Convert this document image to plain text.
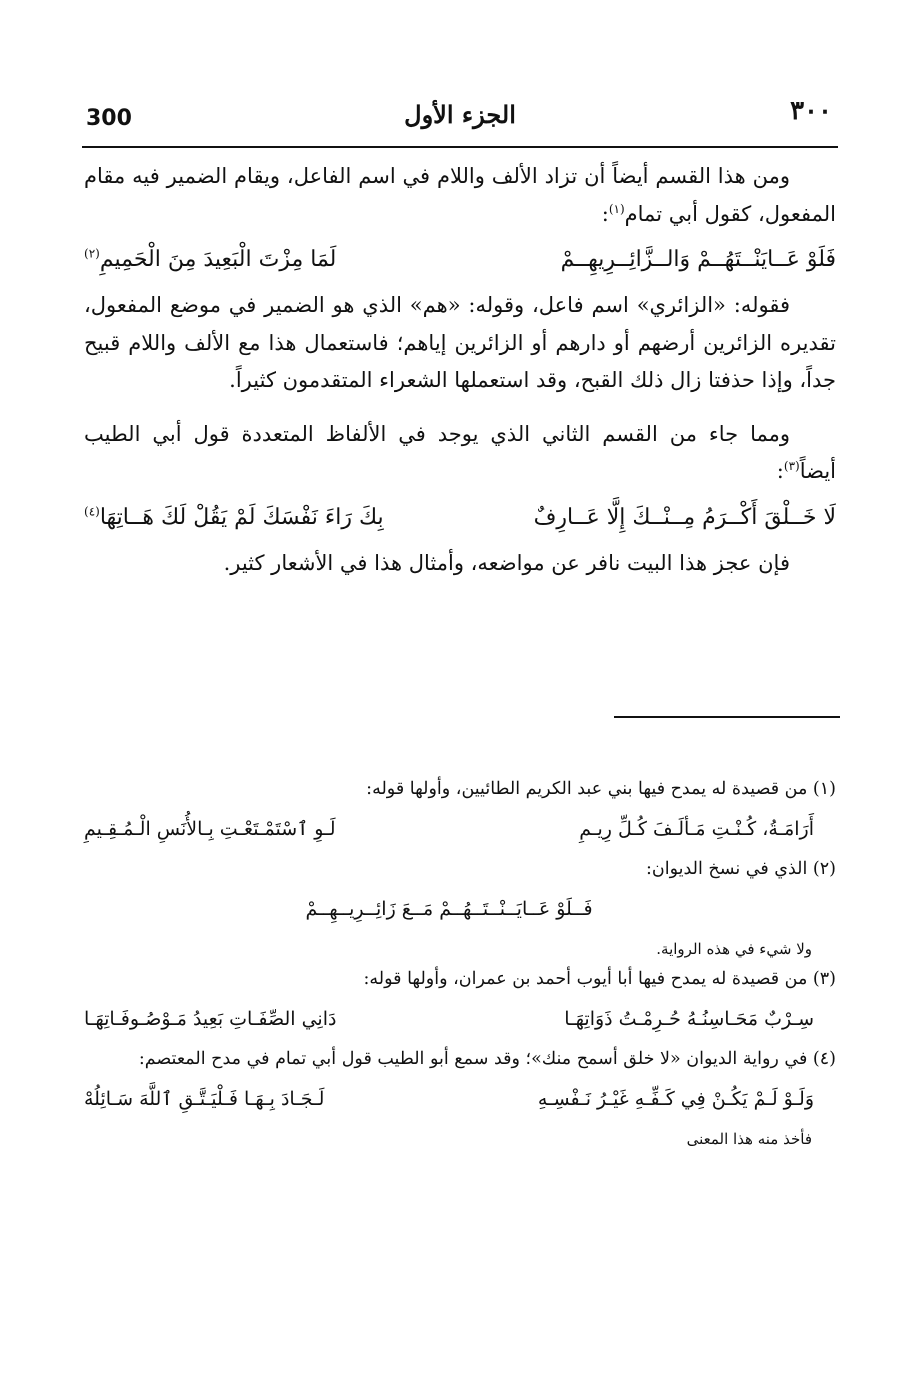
300	الجزء الأول	٣٠٠

ومن هذا القسم أيضاً أن تزاد الألف واللام في اسم الفاعل، ويقام الضمير فيه مقام المفعول، كقول أبي تمام$^{(١)}$:

فَلَوْ عَــايَنْــتَهُــمْ وَالــزَّائِــرِيهِــمْ
لَمَا مِزْتَ الْبَعِيدَ مِنَ الْحَمِيمِ$^{(٢)}$

فقوله: «الزائري» اسم فاعل، وقوله: «هم» الذي هو الضمير في موضع المفعول، تقديره الزائرين أرضهم أو دارهم أو الزائرين إياهم؛ فاستعمال هذا مع الألف واللام قبيح جداً، وإذا حذفتا زال ذلك القبح، وقد استعملها الشعراء المتقدمون كثيراً.

ومما جاء من القسم الثاني الذي يوجد في الألفاظ المتعددة قول أبي الطيب أيضاً$^{(٣)}$:

لَا خَــلْقَ أَكْــرَمُ مِــنْــكَ إِلَّا عَــارِفٌ
بِكَ رَاءَ نَفْسَكَ لَمْ يَقُلْ لَكَ هَــاتِهَا$^{(٤)}$

فإن عجز هذا البيت نافر عن مواضعه، وأمثال هذا في الأشعار كثير.

(١) من قصيدة له يمدح فيها بني عبد الكريم الطائيين، وأولها قوله:

أَرَامَـةُ، كُـنْـتِ مَـألَـفَ كُـلِّ رِيـمِ
لَـوِ ٱسْتَمْـتَعْـتِ بِـالأُنَسِ الْـمُـقِـيمِ

(٢) الذي في نسخ الديوان:

فَــلَوْ عَــايَــنْــتَــهُــمْ مَــعَ زَائِــرِيــهِــمْ

ولا شيء في هذه الرواية.

(٣) من قصيدة له يمدح فيها أبا أيوب أحمد بن عمران، وأولها قوله:

سِـرْبٌ مَحَـاسِنُـهُ حُـرِمْـتُ ذَوَاتِهَـا
دَانِي الصِّفَـاتِ بَعِيدُ مَـوْصُـوفَـاتِهَـا

(٤) في رواية الديوان «لا خلق أسمح منك»؛ وقد سمع أبو الطيب قول أبي تمام في مدح المعتصم:

وَلَـوْ لَـمْ يَكُـنْ فِي كَـفِّـهِ غَيْـرُ نَـفْسِـهِ
لَـجَـادَ بِـهَـا فَـلْيَـتَّـقِ ٱللَّهَ سَـائِلُهْ

فأخذ منه هذا المعنى
